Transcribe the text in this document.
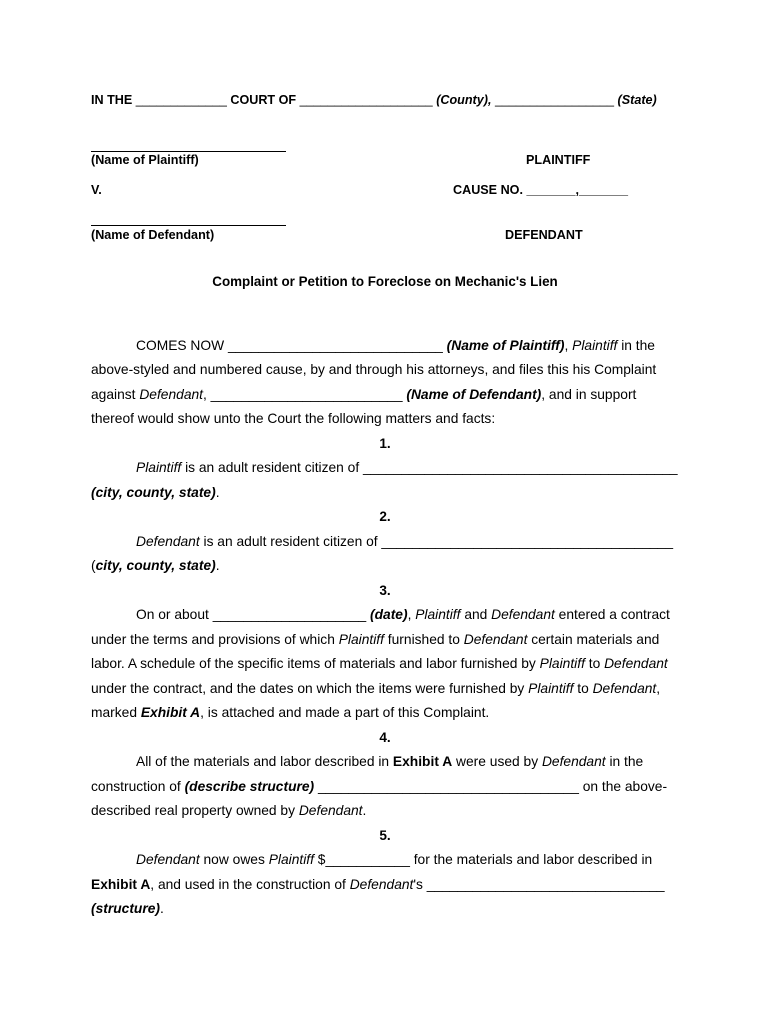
IN THE _____________ COURT OF ___________________ (County), _________________ (State)
(Name of Plaintiff)	PLAINTIFF
V.	CAUSE NO. _______,_______
(Name of Defendant)	DEFENDANT
Complaint or Petition to Foreclose on Mechanic's Lien
COMES NOW ____________________________ (Name of Plaintiff), Plaintiff in the
above-styled and numbered cause, by and through his attorneys, and files this his Complaint
against Defendant, _________________________ (Name of Defendant), and in support
thereof would show unto the Court the following matters and facts:
1.
Plaintiff is an adult resident citizen of _________________________________________
(city, county, state).
2.
Defendant is an adult resident citizen of ______________________________________
(city, county, state).
3.
On or about ____________________ (date), Plaintiff and Defendant entered a contract
under the terms and provisions of which Plaintiff furnished to Defendant certain materials and
labor. A schedule of the specific items of materials and labor furnished by Plaintiff to Defendant
under the contract, and the dates on which the items were furnished by Plaintiff to Defendant,
marked Exhibit A, is attached and made a part of this Complaint.
4.
All of the materials and labor described in Exhibit A were used by Defendant in the
construction of (describe structure) __________________________________ on the above-
described real property owned by Defendant.
5.
Defendant now owes Plaintiff $___________ for the materials and labor described in
Exhibit A, and used in the construction of Defendant's _______________________________
(structure).
